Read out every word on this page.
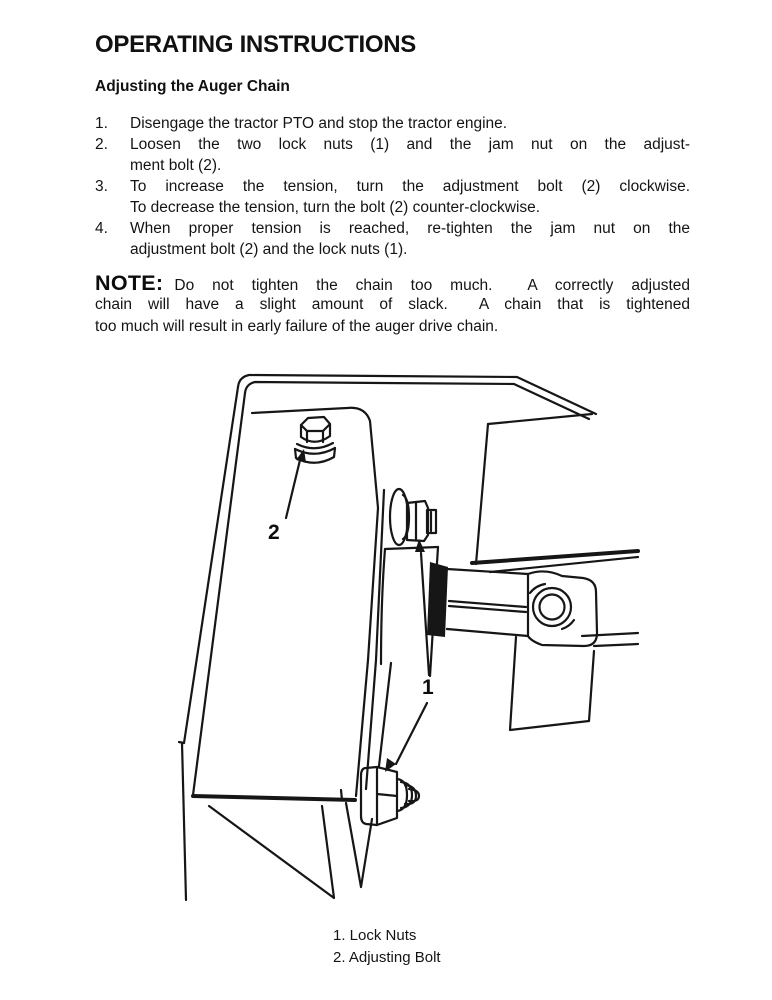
OPERATING INSTRUCTIONS
Adjusting the Auger Chain
1.	Disengage the tractor PTO and stop the tractor engine.
2.	Loosen the two lock nuts (1) and the jam nut on the adjust-
ment bolt (2).
3.	To increase the tension, turn the adjustment bolt (2) clockwise.
To decrease the tension, turn the bolt (2) counter-clockwise.
4.	When proper tension is reached, re-tighten the jam nut on the
adjustment bolt (2) and the lock nuts (1).
NOTE: Do not tighten the chain too much.  A correctly adjusted
chain will have a slight amount of slack.  A chain that is tightened
too much will result in early failure of the auger drive chain.
2
1
1. Lock Nuts
2. Adjusting Bolt
